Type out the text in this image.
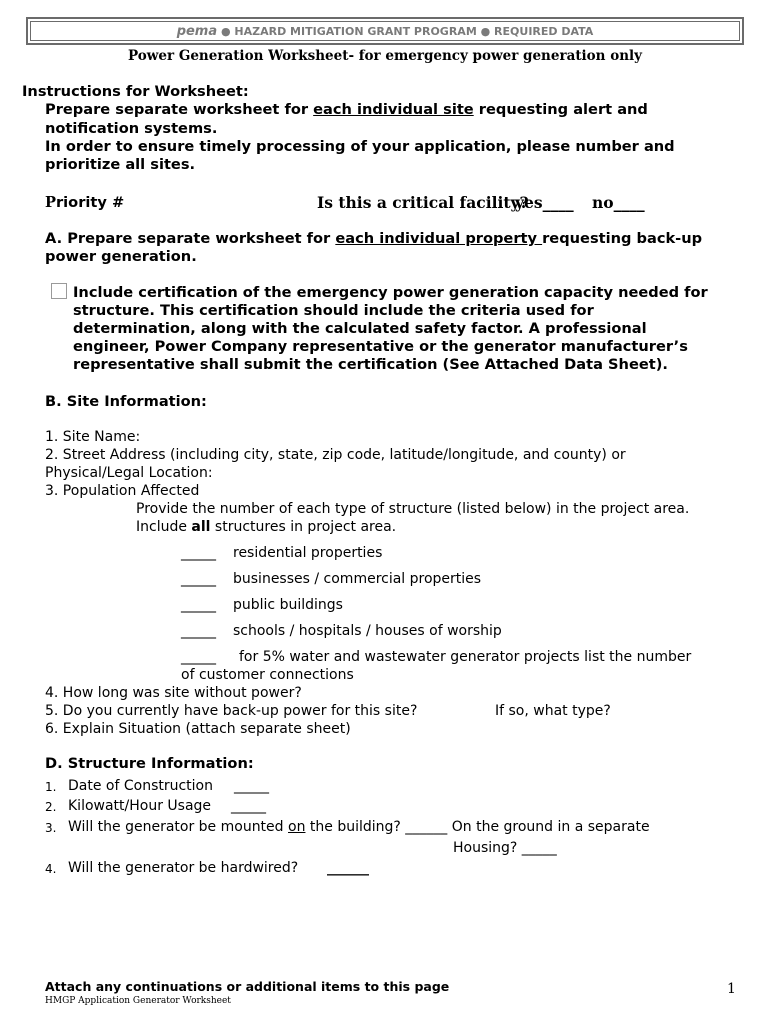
pema ● HAZARD MITIGATION GRANT PROGRAM ● REQUIRED DATA
Power Generation Worksheet- for emergency power generation only
Instructions for Worksheet:
Prepare separate worksheet for each individual site requesting alert and
notification systems.
In order to ensure timely processing of your application, please number and
prioritize all sites.
Priority #	Is this a critical facility?
yes____ no____
A. Prepare separate worksheet for each individual property requesting back-up
power generation.
Include certification of the emergency power generation capacity needed for
structure. This certification should include the criteria used for
determination, along with the calculated safety factor. A professional
engineer, Power Company representative or the generator manufacturer’s
representative shall submit the certification (See Attached Data Sheet).
B. Site Information:
1. Site Name:
2. Street Address (including city, state, zip code, latitude/longitude, and county) or
Physical/Legal Location:
3. Population Affected
Provide the number of each type of structure (listed below) in the project area.
Include all structures in project area.
_____ residential properties
_____ businesses / commercial properties
_____ public buildings
_____ schools / hospitals / houses of worship
_____ for 5% water and wastewater generator projects list the number
of customer connections
4. How long was site without power?
5. Do you currently have back-up power for this site?	If so, what type?
6. Explain Situation (attach separate sheet)
D. Structure Information:
1. Date of Construction _____
2. Kilowatt/Hour Usage _____
3. Will the generator be mounted on the building? ______ On the ground in a separate
Housing? _____
4. Will the generator be hardwired? ______
Attach any continuations or additional items to this page
HMGP Application Generator Worksheet
1
